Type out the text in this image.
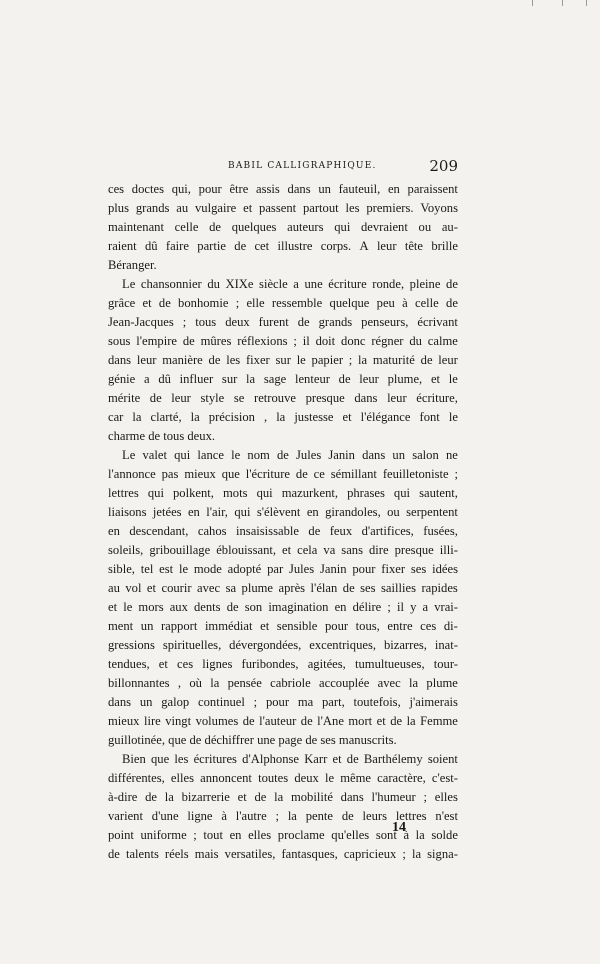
BABIL CALLIGRAPHIQUE.	209
ces doctes qui, pour être assis dans un fauteuil, en paraissent
plus grands au vulgaire et passent partout les premiers. Voyons
maintenant celle de quelques auteurs qui devraient ou au-
raient dû faire partie de cet illustre corps. A leur tête brille
Béranger.
Le chansonnier du XIXe siècle a une écriture ronde, pleine de
grâce et de bonhomie ; elle ressemble quelque peu à celle de
Jean-Jacques ; tous deux furent de grands penseurs, écrivant
sous l'empire de mûres réflexions ; il doit donc régner du calme
dans leur manière de les fixer sur le papier ; la maturité de leur
génie a dû influer sur la sage lenteur de leur plume, et le
mérite de leur style se retrouve presque dans leur écriture,
car la clarté, la précision , la justesse et l'élégance font le
charme de tous deux.
Le valet qui lance le nom de Jules Janin dans un salon ne
l'annonce pas mieux que l'écriture de ce sémillant feuilletoniste ;
lettres qui polkent, mots qui mazurkent, phrases qui sautent,
liaisons jetées en l'air, qui s'élèvent en girandoles, ou serpentent
en descendant, cahos insaisissable de feux d'artifices, fusées,
soleils, gribouillage éblouissant, et cela va sans dire presque illi-
sible, tel est le mode adopté par Jules Janin pour fixer ses idées
au vol et courir avec sa plume après l'élan de ses saillies rapides
et le mors aux dents de son imagination en délire ; il y a vrai-
ment un rapport immédiat et sensible pour tous, entre ces di-
gressions spirituelles, dévergondées, excentriques, bizarres, inat-
tendues, et ces lignes furibondes, agitées, tumultueuses, tour-
billonnantes , où la pensée cabriole accouplée avec la plume
dans un galop continuel ; pour ma part, toutefois, j'aimerais
mieux lire vingt volumes de l'auteur de l'Ane mort et de la Femme
guillotinée, que de déchiffrer une page de ses manuscrits.
Bien que les écritures d'Alphonse Karr et de Barthélemy soient
différentes, elles annoncent toutes deux le même caractère, c'est-
à-dire de la bizarrerie et de la mobilité dans l'humeur ; elles
varient d'une ligne à l'autre ; la pente de leurs lettres n'est
point uniforme ; tout en elles proclame qu'elles sont à la solde
de talents réels mais versatiles, fantasques, capricieux ; la signa-
14
